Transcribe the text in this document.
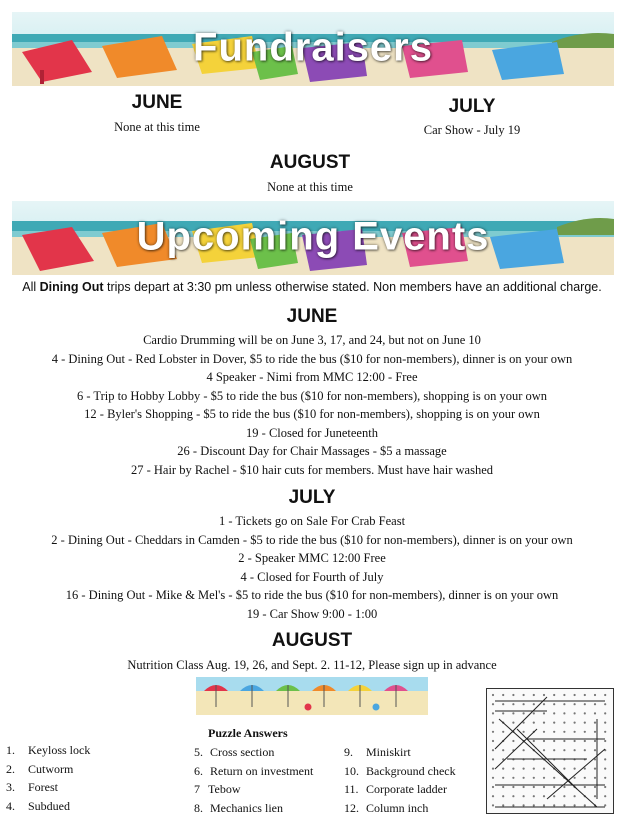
Fundraisers
JUNE
None at this time
JULY
Car Show - July 19
AUGUST
None at this time
Upcoming Events
All Dining Out trips depart at 3:30 pm unless otherwise stated. Non members have an additional charge.
JUNE
Cardio Drumming will be on June 3, 17, and 24, but not on June 10
4 - Dining Out - Red Lobster in Dover, $5 to ride the bus ($10 for non-members), dinner is on your own
4 Speaker - Nimi from MMC 12:00 - Free
6 - Trip to Hobby Lobby - $5 to ride the bus ($10 for non-members), shopping is on your own
12 - Byler's Shopping - $5 to ride the bus ($10 for non-members), shopping is on your own
19 - Closed for Juneteenth
26 - Discount Day for Chair Massages - $5 a massage
27 - Hair by Rachel - $10 hair cuts for members. Must have hair washed
JULY
1 - Tickets go on Sale For Crab Feast
2 - Dining Out - Cheddars in Camden - $5 to ride the bus ($10 for non-members), dinner is on your own
2 - Speaker MMC 12:00 Free
4 - Closed for Fourth of July
16 - Dining Out - Mike & Mel's - $5 to ride the bus ($10 for non-members), dinner is on your own
19 - Car Show 9:00 - 1:00
AUGUST
Nutrition Class Aug. 19, 26, and Sept. 2. 11-12, Please sign up in advance
Puzzle Answers
1. Keyloss lock
2. Cutworm
3. Forest
4. Subdued
5. Cross section
6. Return on investment
7 Tebow
8. Mechanics lien
9. Miniskirt
10. Background check
11. Corporate ladder
12. Column inch
